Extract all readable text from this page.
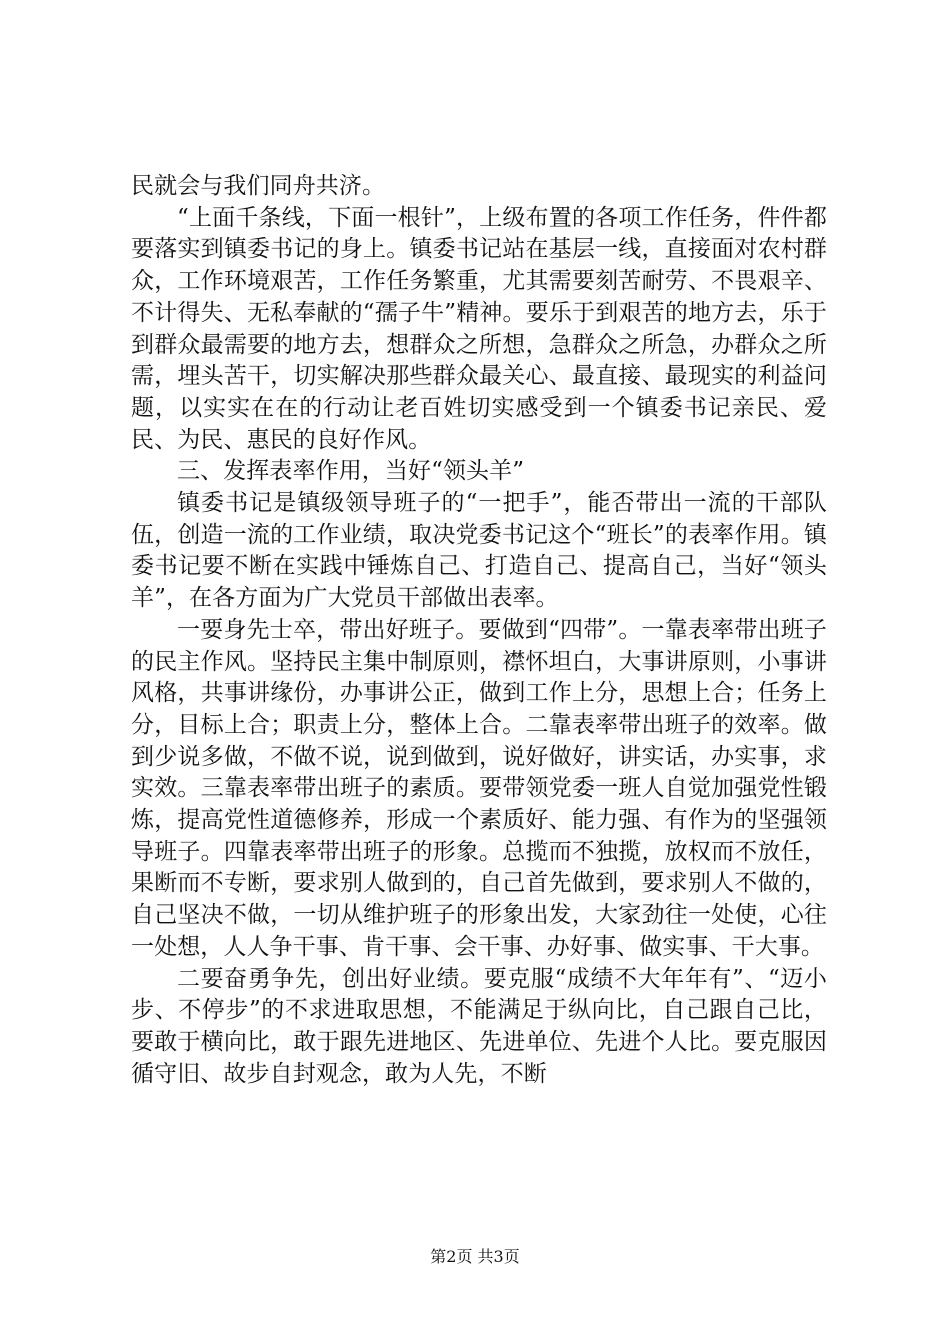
民就会与我们同舟共济。

“上面千条线，下面一根针”，上级布置的各项工作任务，件件都要落实到镇委书记的身上。镇委书记站在基层一线，直接面对农村群众，工作环境艰苦，工作任务繁重，尤其需要刻苦耐劳、不畏艰辛、不计得失、无私奉献的“孺子牛”精神。要乐于到艰苦的地方去，乐于到群众最需要的地方去，想群众之所想，急群众之所急，办群众之所需，埋头苦干，切实解决那些群众最关心、最直接、最现实的利益问题，以实实在在的行动让老百姓切实感受到一个镇委书记亲民、爱民、为民、惠民的良好作风。

三、发挥表率作用，当好“领头羊”

镇委书记是镇级领导班子的“一把手”，能否带出一流的干部队伍，创造一流的工作业绩，取决党委书记这个“班长”的表率作用。镇委书记要不断在实践中锤炼自己、打造自己、提高自己，当好“领头羊”，在各方面为广大党员干部做出表率。

一要身先士卒，带出好班子。要做到“四带”。一靠表率带出班子的民主作风。坚持民主集中制原则，襟怀坦白，大事讲原则，小事讲风格，共事讲缘份，办事讲公正，做到工作上分，思想上合；任务上分，目标上合；职责上分，整体上合。二靠表率带出班子的效率。做到少说多做，不做不说，说到做到，说好做好，讲实话，办实事，求实效。三靠表率带出班子的素质。要带领党委一班人自觉加强党性锻炼，提高党性道德修养，形成一个素质好、能力强、有作为的坚强领导班子。四靠表率带出班子的形象。总揽而不独揽，放权而不放任，果断而不专断，要求别人做到的，自己首先做到，要求别人不做的，自己坚决不做，一切从维护班子的形象出发，大家劲往一处使，心往一处想，人人争干事、肯干事、会干事、办好事、做实事、干大事。

二要奋勇争先，创出好业绩。要克服“成绩不大年年有”、“迈小步、不停步”的不求进取思想，不能满足于纵向比，自己跟自己比，要敢于横向比，敢于跟先进地区、先进单位、先进个人比。要克服因循守旧、故步自封观念，敢为人先，不断

第2页 共3页
